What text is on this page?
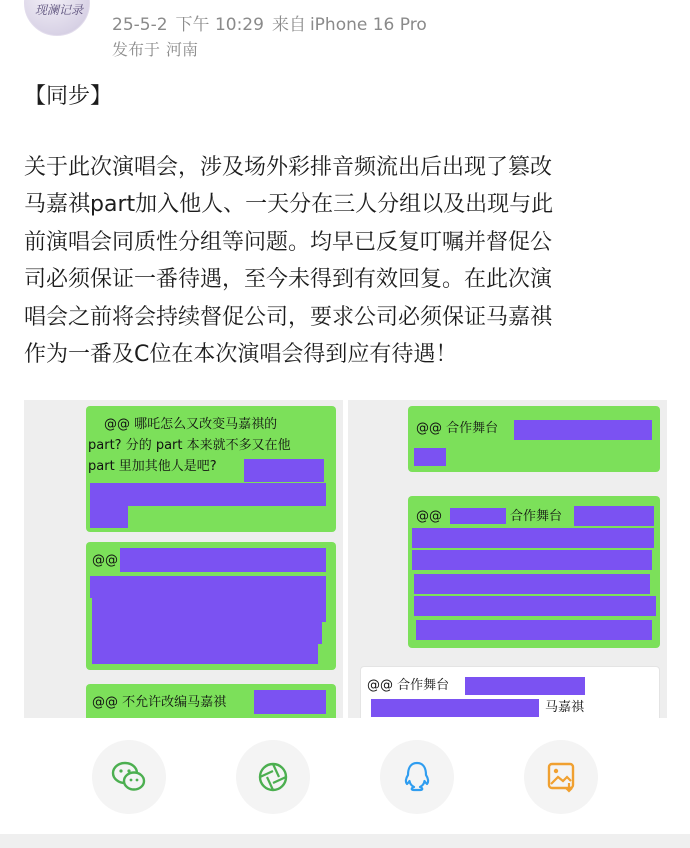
现澜记录
25-5-2 下午 10:29 来自 iPhone 16 Pro
发布于 河南
【同步】
关于此次演唱会，涉及场外彩排音频流出后出现了篡改
马嘉祺part加入他人、一天分在三人分组以及出现与此
前演唱会同质性分组等问题。均早已反复叮嘱并督促公
司必须保证一番待遇，至今未得到有效回复。在此次演
唱会之前将会持续督促公司，要求公司必须保证马嘉祺
作为一番及C位在本次演唱会得到应有待遇！
@@ 哪吒怎么又改变马嘉祺的
part? 分的 part 本来就不多又在他
part 里加其他人是吧?
@@
@@ 不允许改编马嘉祺
@@ 合作舞台
@@	合作舞台
@@ 合作舞台
马嘉祺
